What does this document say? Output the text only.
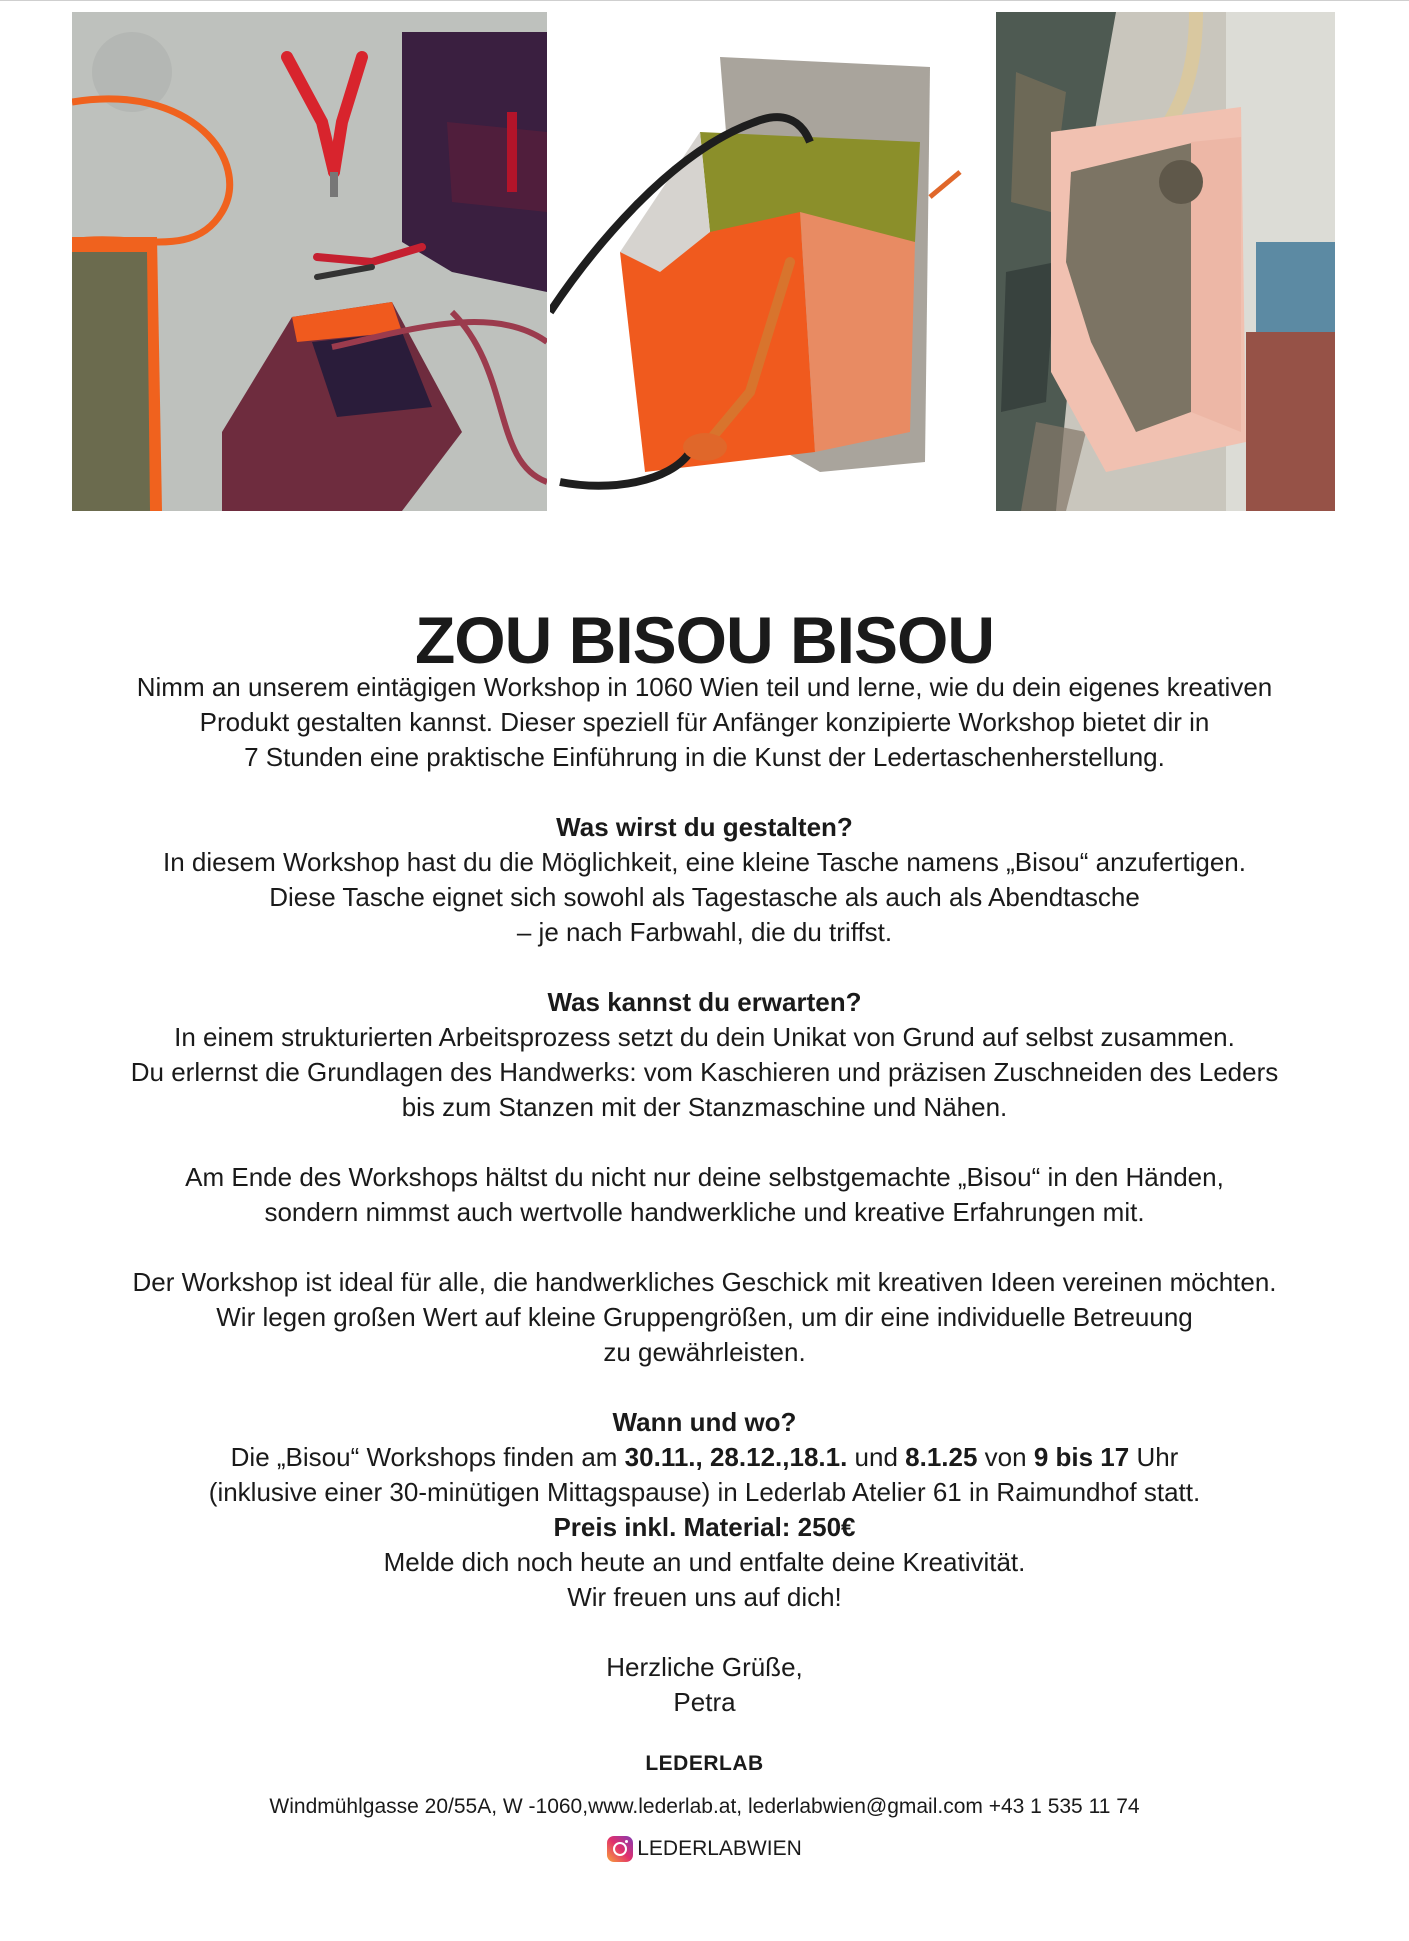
ZOU BISOU BISOU

Nimm an unserem eintägigen Workshop in 1060 Wien teil und lerne, wie du dein eigenes kreativen

Produkt gestalten kannst. Dieser speziell für Anfänger konzipierte Workshop bietet dir in

7 Stunden eine praktische Einführung in die Kunst der Ledertaschenherstellung.

Was wirst du gestalten?

In diesem Workshop hast du die Möglichkeit, eine kleine Tasche namens „Bisou“ anzufertigen.

Diese Tasche eignet sich sowohl als Tagestasche als auch als Abendtasche

– je nach Farbwahl, die du triffst.

Was kannst du erwarten?

In einem strukturierten Arbeitsprozess setzt du dein Unikat von Grund auf selbst zusammen.

Du erlernst die Grundlagen des Handwerks: vom Kaschieren und präzisen Zuschneiden des Leders

bis zum Stanzen mit der Stanzmaschine und Nähen.

Am Ende des Workshops hältst du nicht nur deine selbstgemachte „Bisou“ in den Händen,

sondern nimmst auch wertvolle handwerkliche und kreative Erfahrungen mit.

Der Workshop ist ideal für alle, die handwerkliches Geschick mit kreativen Ideen vereinen möchten.

Wir legen großen Wert auf kleine Gruppengrößen, um dir eine individuelle Betreuung

zu gewährleisten.

Wann und wo?

Die „Bisou“ Workshops finden am 30.11., 28.12.,18.1. und 8.1.25 von 9 bis 17 Uhr

(inklusive einer 30-minütigen Mittagspause) in Lederlab Atelier 61 in Raimundhof statt.

Preis inkl. Material: 250€

Melde dich noch heute an und entfalte deine Kreativität.

Wir freuen uns auf dich!

Herzliche Grüße,

Petra

LEDERLAB
Windmühlgasse 20/55A, W -1060,www.lederlab.at, lederlabwien@gmail.com +43 1 535 11 74
LEDERLABWIEN
